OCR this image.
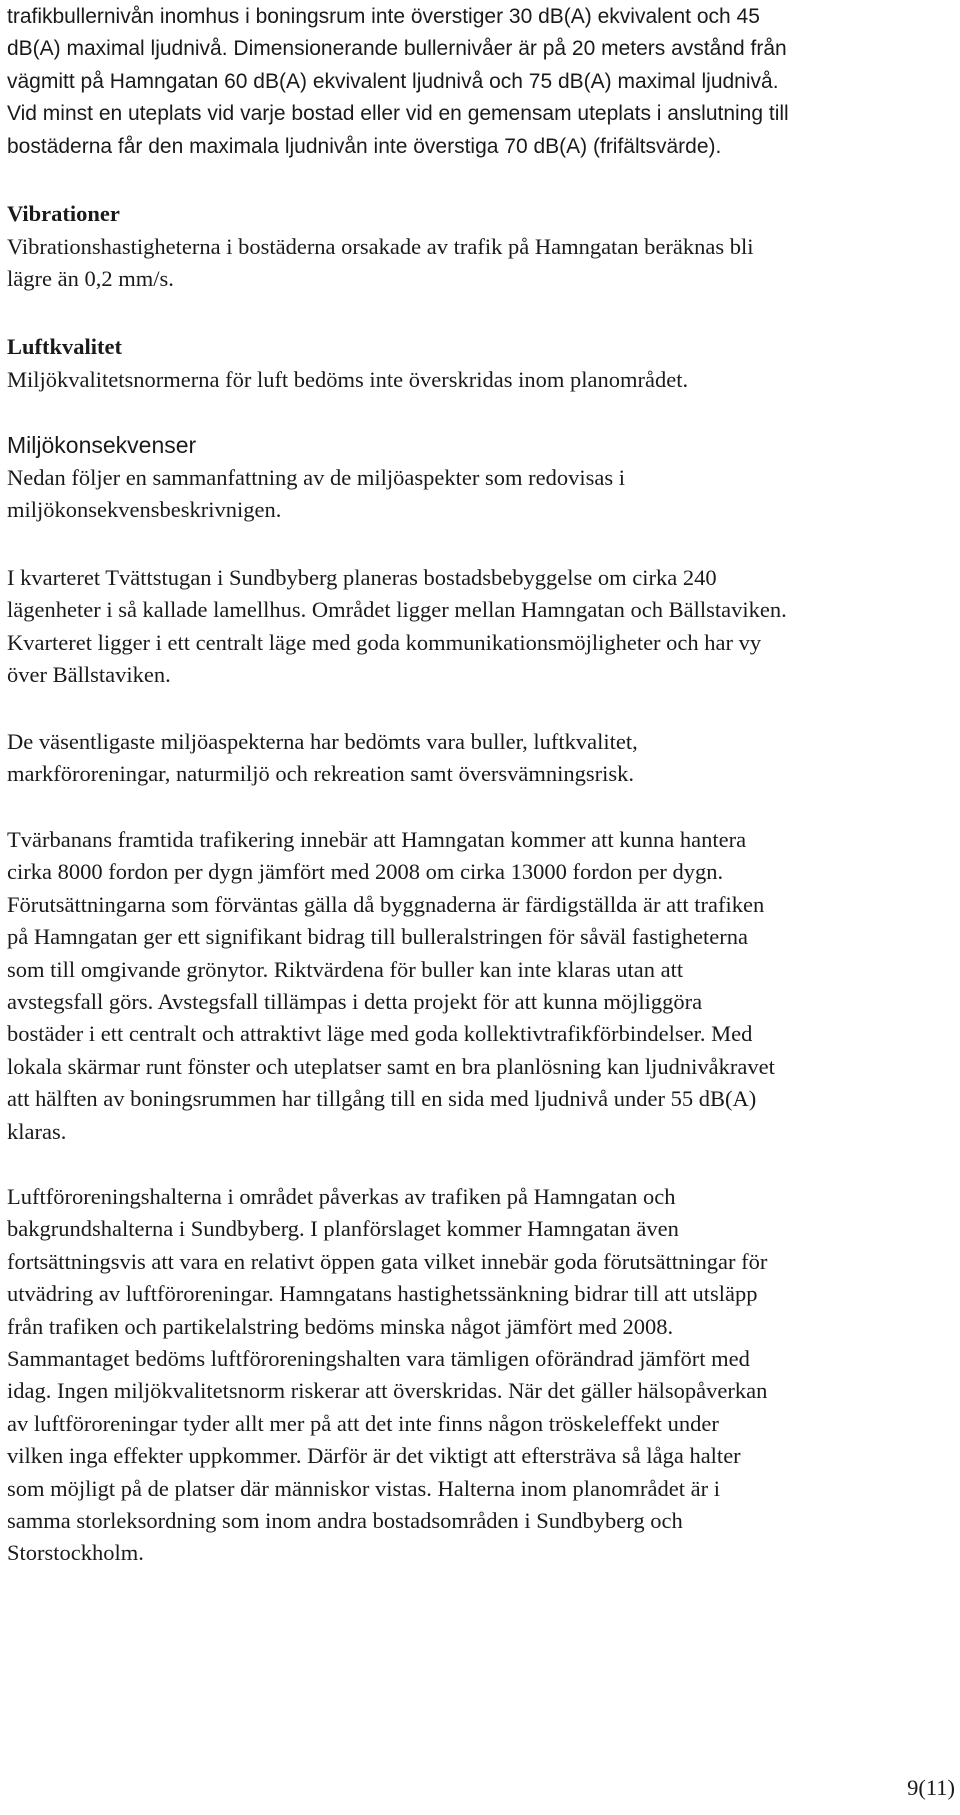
trafikbullernivån inomhus i boningsrum inte överstiger 30 dB(A) ekvivalent och 45
dB(A) maximal ljudnivå. Dimensionerande bullernivåer är på 20 meters avstånd från
vägmitt på Hamngatan 60 dB(A) ekvivalent ljudnivå och 75 dB(A) maximal ljudnivå.
Vid minst en uteplats vid varje bostad eller vid en gemensam uteplats i anslutning till
bostäderna får den maximala ljudnivån inte överstiga 70 dB(A) (frifältsvärde).

Vibrationer

Vibrationshastigheterna i bostäderna orsakade av trafik på Hamngatan beräknas bli
lägre än 0,2 mm/s.

Luftkvalitet

Miljökvalitetsnormerna för luft bedöms inte överskridas inom planområdet.

Miljökonsekvenser

Nedan följer en sammanfattning av de miljöaspekter som redovisas i
miljökonsekvensbeskrivnigen.

I kvarteret Tvättstugan i Sundbyberg planeras bostadsbebyggelse om cirka 240
lägenheter i så kallade lamellhus. Området ligger mellan Hamngatan och Bällstaviken.
Kvarteret ligger i ett centralt läge med goda kommunikationsmöjligheter och har vy
över Bällstaviken.

De väsentligaste miljöaspekterna har bedömts vara buller, luftkvalitet,
markföroreningar, naturmiljö och rekreation samt översvämningsrisk.

Tvärbanans framtida trafikering innebär att Hamngatan kommer att kunna hantera
cirka 8000 fordon per dygn jämfört med 2008 om cirka 13000 fordon per dygn.
Förutsättningarna som förväntas gälla då byggnaderna är färdigställda är att trafiken
på Hamngatan ger ett signifikant bidrag till bulleralstringen för såväl fastigheterna
som till omgivande grönytor. Riktvärdena för buller kan inte klaras utan att
avstegsfall görs. Avstegsfall tillämpas i detta projekt för att kunna möjliggöra
bostäder i ett centralt och attraktivt läge med goda kollektivtrafikförbindelser. Med
lokala skärmar runt fönster och uteplatser samt en bra planlösning kan ljudnivåkravet
att hälften av boningsrummen har tillgång till en sida med ljudnivå under 55 dB(A)
klaras.

Luftföroreningshalterna i området påverkas av trafiken på Hamngatan och
bakgrundshalterna i Sundbyberg. I planförslaget kommer Hamngatan även
fortsättningsvis att vara en relativt öppen gata vilket innebär goda förutsättningar för
utvädring av luftföroreningar. Hamngatans hastighetssänkning bidrar till att utsläpp
från trafiken och partikelalstring bedöms minska något jämfört med 2008.
Sammantaget bedöms luftföroreningshalten vara tämligen oförändrad jämfört med
idag. Ingen miljökvalitetsnorm riskerar att överskridas. När det gäller hälsopåverkan
av luftföroreningar tyder allt mer på att det inte finns någon tröskeleffekt under
vilken inga effekter uppkommer. Därför är det viktigt att eftersträva så låga halter
som möjligt på de platser där människor vistas. Halterna inom planområdet är i
samma storleksordning som inom andra bostadsområden i Sundbyberg och
Storstockholm.

9(11)
